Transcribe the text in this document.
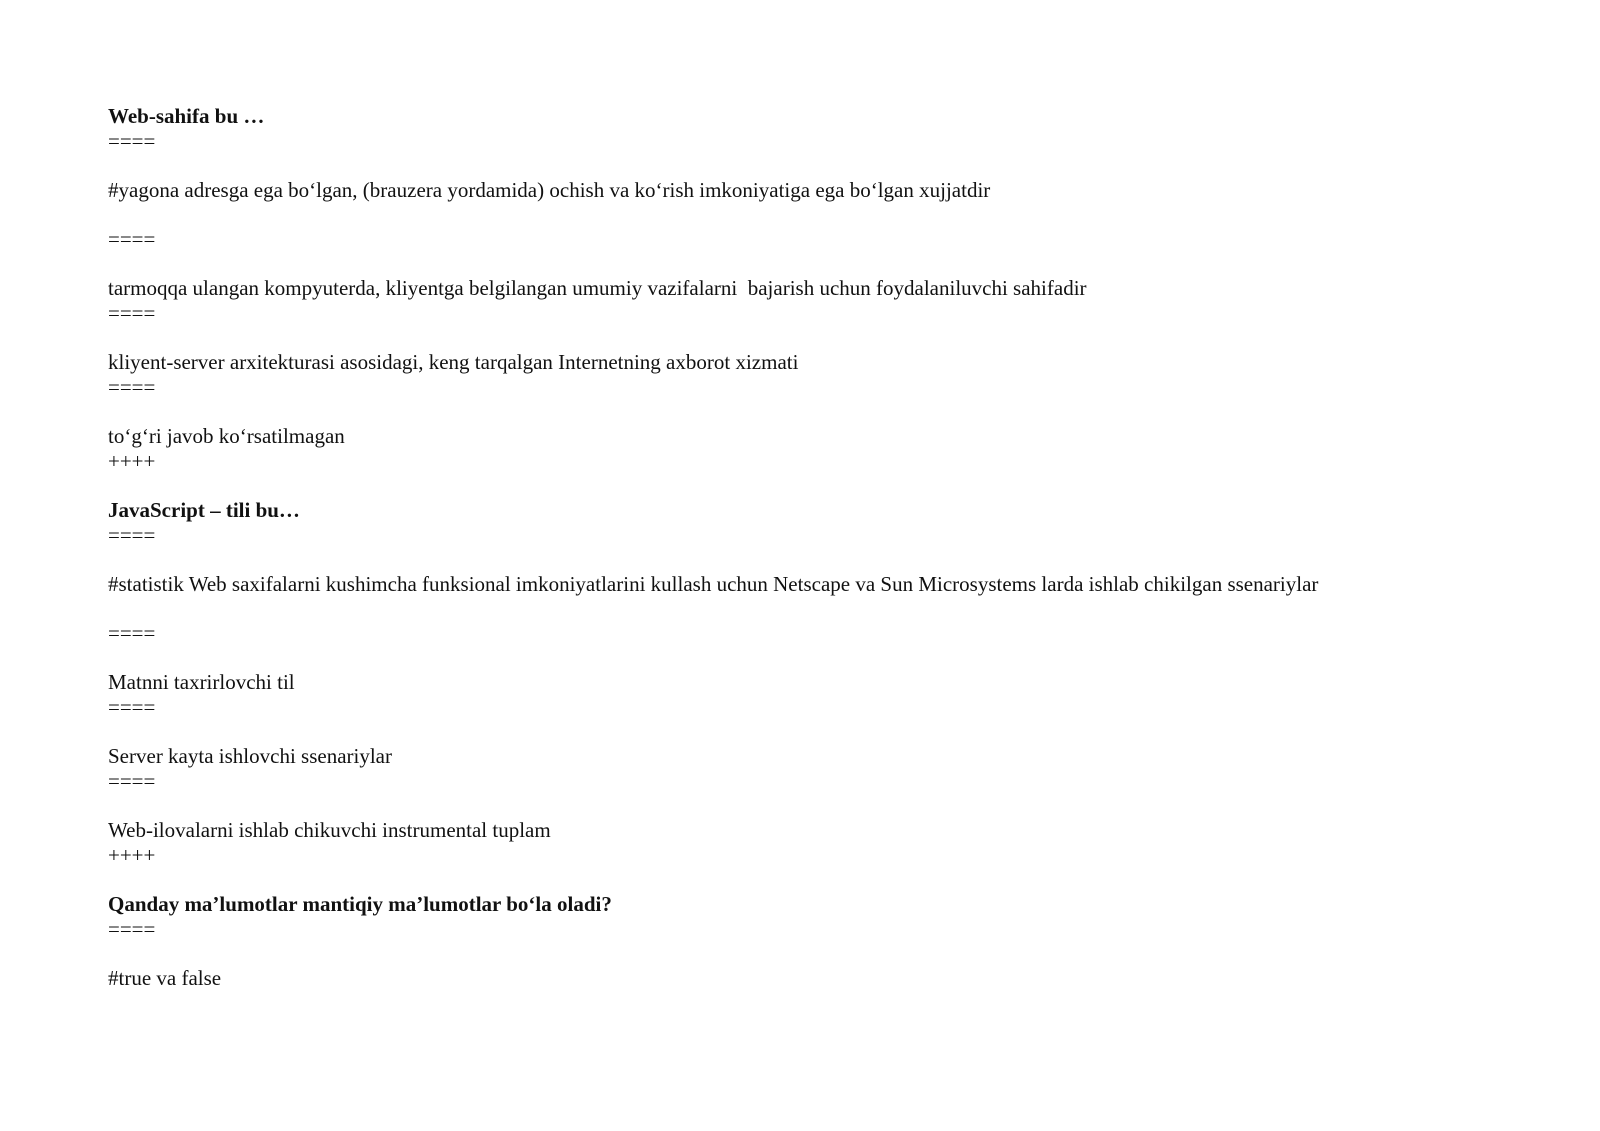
Web-sahifa bu …

====

#yagona adresga ega bo‘lgan, (brauzera yordamida) ochish va ko‘rish imkoniyatiga ega bo‘lgan xujjatdir

====

tarmoqqa ulangan kompyuterda, kliyentga belgilangan umumiy vazifalarni  bajarish uchun foydalaniluvchi sahifadir

====

kliyent-server arxitekturasi asosidagi, keng tarqalgan Internetning axborot xizmati

====

to‘g‘ri javob ko‘rsatilmagan

++++

JavaScript – tili bu…

====

#statistik Web saxifalarni kushimcha funksional imkoniyatlarini kullash uchun Netscape va Sun Microsystems larda ishlab chikilgan ssenariylar

====

Matnni taxrirlovchi til

====

Server kayta ishlovchi ssenariylar

====

Web-ilovalarni ishlab chikuvchi instrumental tuplam

++++

Qanday ma’lumotlar mantiqiy ma’lumotlar bo‘la oladi?

====

#true va false
